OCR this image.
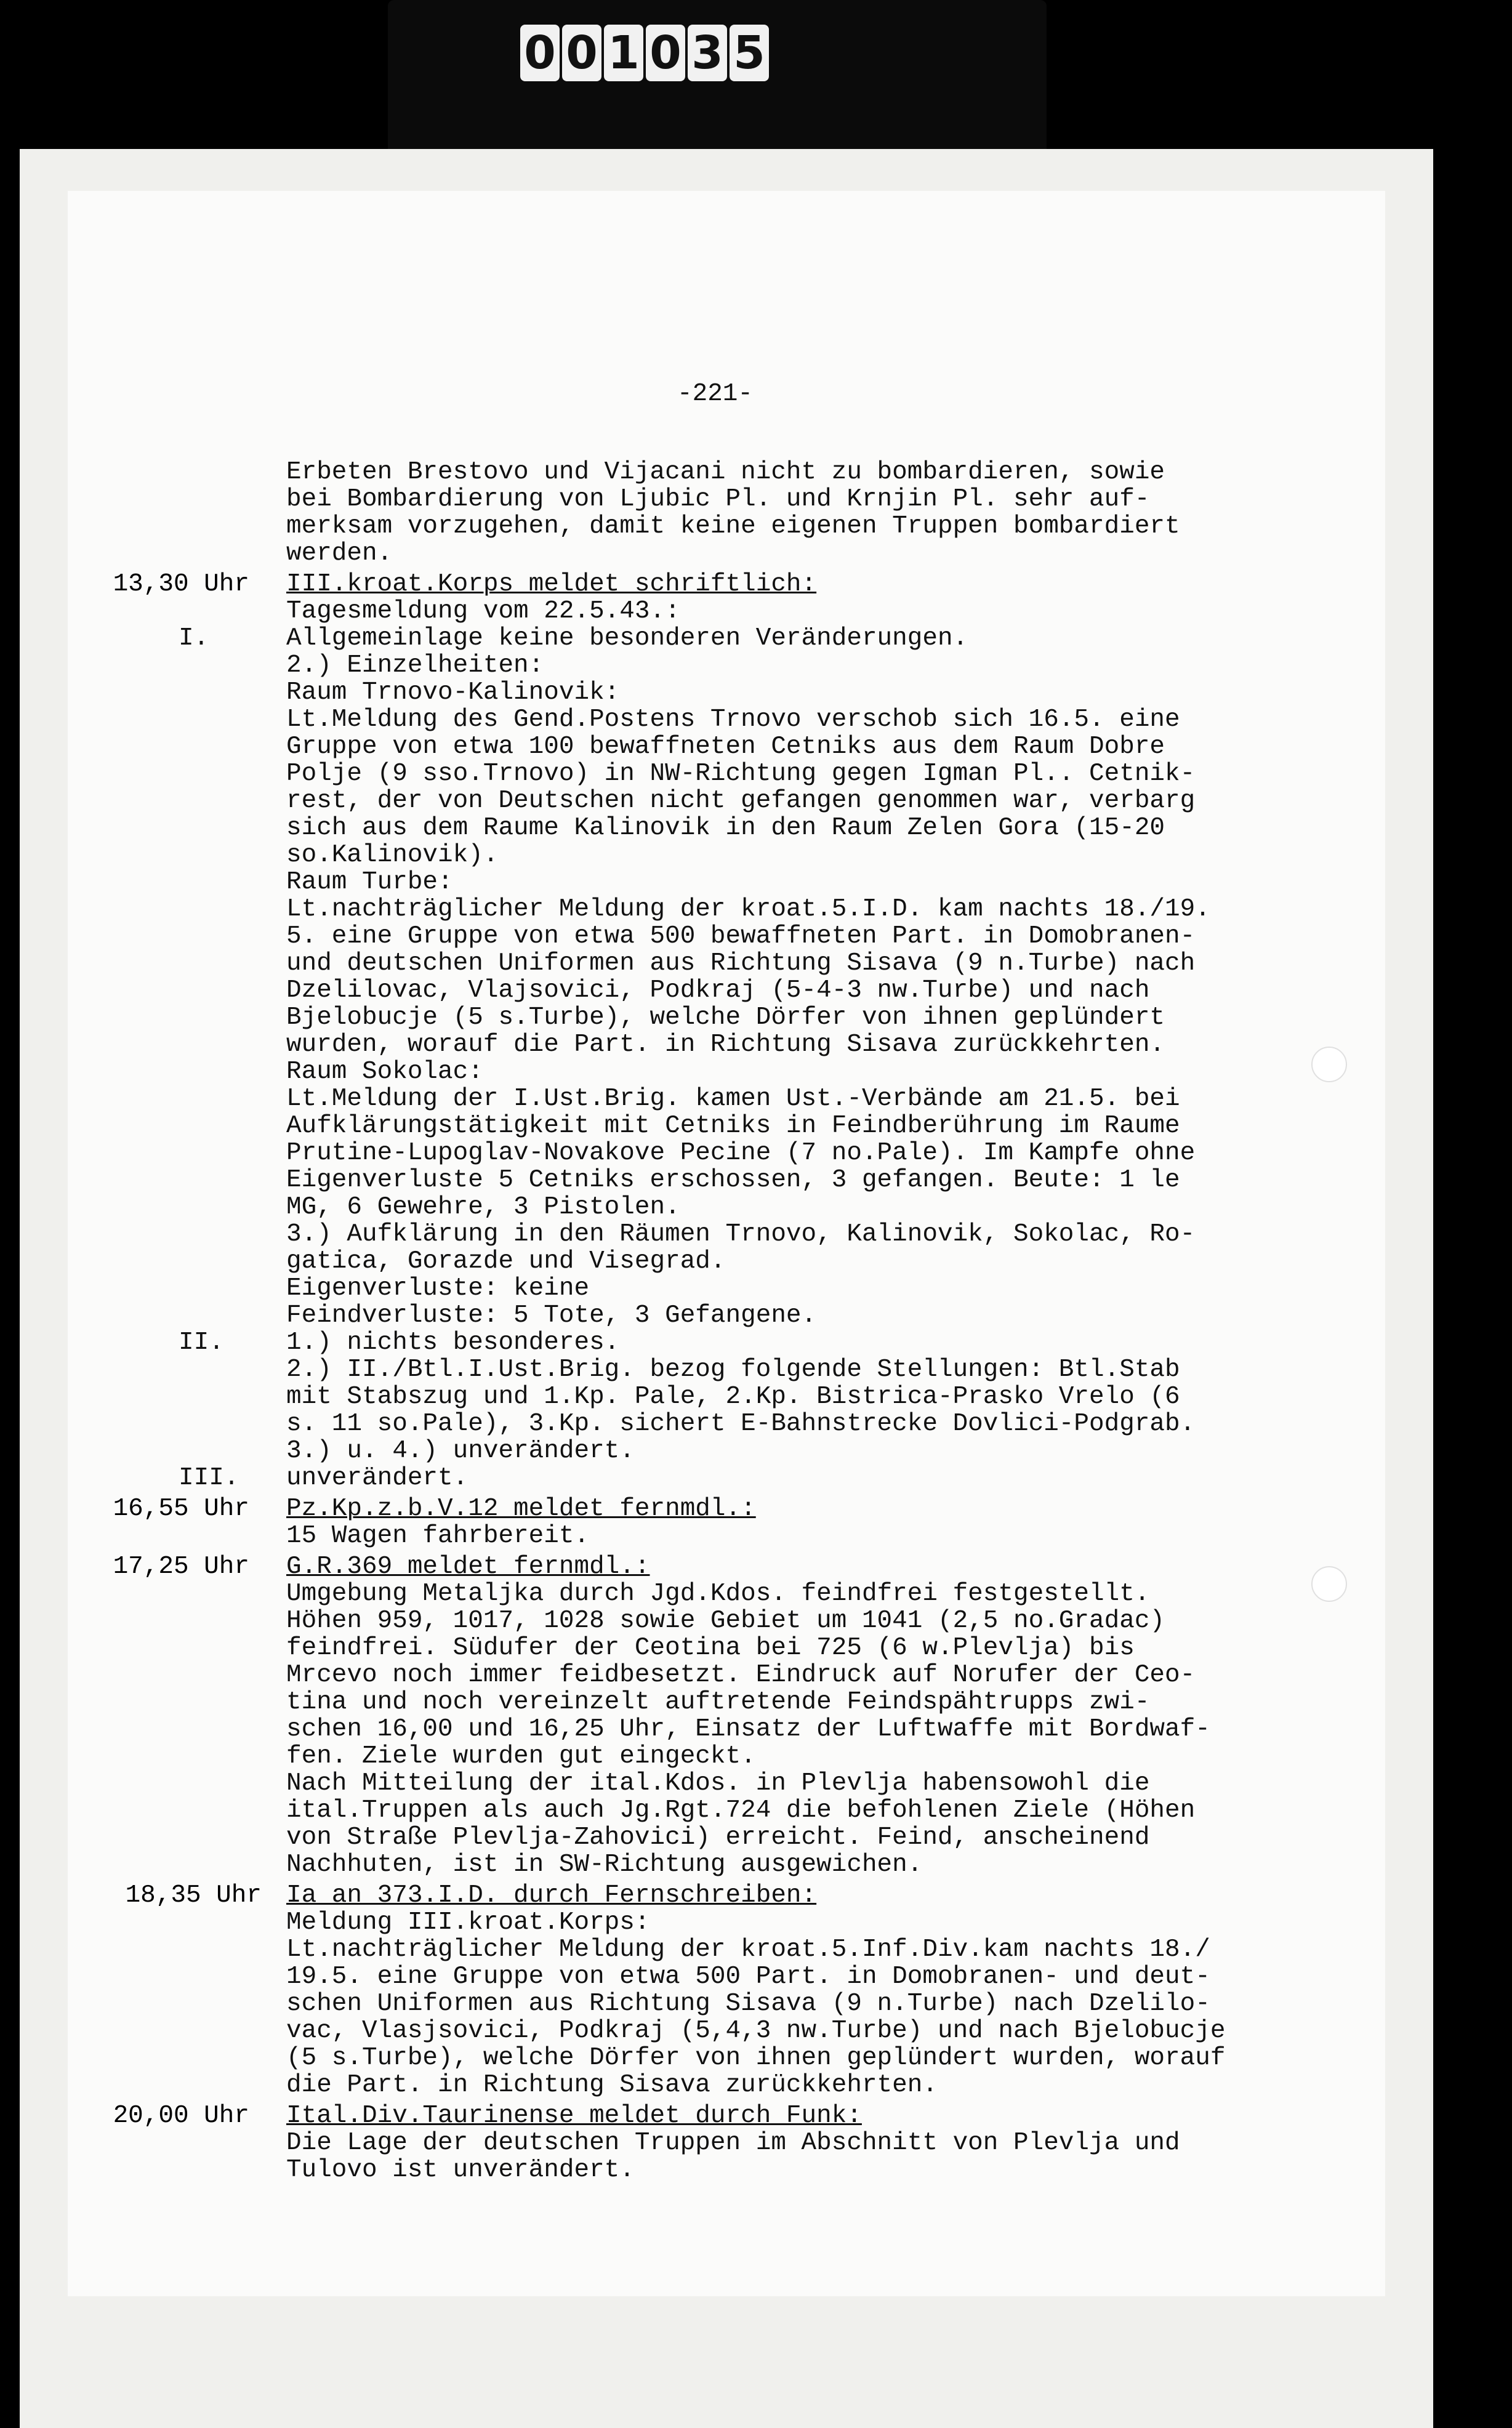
0 0 1 0 3 5
-221-
Erbeten Brestovo und Vijacani nicht zu bombardieren, sowie
bei Bombardierung von Ljubic Pl. und Krnjin Pl. sehr auf-
merksam vorzugehen, damit keine eigenen Truppen bombardiert
werden.
13,30 Uhr III.kroat.Korps meldet schriftlich:
Tagesmeldung vom 22.5.43.:
I.	Allgemeinlage keine besonderen Veränderungen.
2.) Einzelheiten:
Raum Trnovo-Kalinovik:
Lt.Meldung des Gend.Postens Trnovo verschob sich 16.5. eine
Gruppe von etwa 100 bewaffneten Cetniks aus dem Raum Dobre
Polje (9 sso.Trnovo) in NW-Richtung gegen Igman Pl.. Cetnik-
rest, der von Deutschen nicht gefangen genommen war, verbarg
sich aus dem Raume Kalinovik in den Raum Zelen Gora (15-20
so.Kalinovik).
Raum Turbe:
Lt.nachträglicher Meldung der kroat.5.I.D. kam nachts 18./19.
5. eine Gruppe von etwa 500 bewaffneten Part. in Domobranen-
und deutschen Uniformen aus Richtung Sisava (9 n.Turbe) nach
Dzelilovac, Vlajsovici, Podkraj (5-4-3 nw.Turbe) und nach
Bjelobucje (5 s.Turbe), welche Dörfer von ihnen geplündert
wurden, worauf die Part. in Richtung Sisava zurückkehrten.
Raum Sokolac:
Lt.Meldung der I.Ust.Brig. kamen Ust.-Verbände am 21.5. bei
Aufklärungstätigkeit mit Cetniks in Feindberührung im Raume
Prutine-Lupoglav-Novakove Pecine (7 no.Pale). Im Kampfe ohne
Eigenverluste 5 Cetniks erschossen, 3 gefangen. Beute: 1 le
MG, 6 Gewehre, 3 Pistolen.
3.) Aufklärung in den Räumen Trnovo, Kalinovik, Sokolac, Ro-
gatica, Gorazde und Visegrad.
Eigenverluste: keine
Feindverluste: 5 Tote, 3 Gefangene.
II.	1.) nichts besonderes.
2.) II./Btl.I.Ust.Brig. bezog folgende Stellungen: Btl.Stab
mit Stabszug und 1.Kp. Pale, 2.Kp. Bistrica-Prasko Vrelo (6
s. 11 so.Pale), 3.Kp. sichert E-Bahnstrecke Dovlici-Podgrab.
3.) u. 4.) unverändert.
III.	unverändert.
16,55 Uhr Pz.Kp.z.b.V.12 meldet fernmdl.:
15 Wagen fahrbereit.
17,25 Uhr G.R.369 meldet fernmdl.:
Umgebung Metaljka durch Jgd.Kdos. feindfrei festgestellt.
Höhen 959, 1017, 1028 sowie Gebiet um 1041 (2,5 no.Gradac)
feindfrei. Südufer der Ceotina bei 725 (6 w.Plevlja) bis
Mrcevo noch immer feidbesetzt. Eindruck auf Norufer der Ceo-
tina und noch vereinzelt auftretende Feindspähtrupps zwi-
schen 16,00 und 16,25 Uhr, Einsatz der Luftwaffe mit Bordwaf-
fen. Ziele wurden gut eingeckt.
Nach Mitteilung der ital.Kdos. in Plevlja habensowohl die
ital.Truppen als auch Jg.Rgt.724 die befohlenen Ziele (Höhen
von Straße Plevlja-Zahovici) erreicht. Feind, anscheinend
Nachhuten, ist in SW-Richtung ausgewichen.
18,35 Uhr Ia an 373.I.D. durch Fernschreiben:
Meldung III.kroat.Korps:
Lt.nachträglicher Meldung der kroat.5.Inf.Div.kam nachts 18./
19.5. eine Gruppe von etwa 500 Part. in Domobranen- und deut-
schen Uniformen aus Richtung Sisava (9 n.Turbe) nach Dzelilo-
vac, Vlasjsovici, Podkraj (5,4,3 nw.Turbe) und nach Bjelobucje
(5 s.Turbe), welche Dörfer von ihnen geplündert wurden, worauf
die Part. in Richtung Sisava zurückkehrten.
20,00 Uhr Ital.Div.Taurinense meldet durch Funk:
Die Lage der deutschen Truppen im Abschnitt von Plevlja und
Tulovo ist unverändert.
